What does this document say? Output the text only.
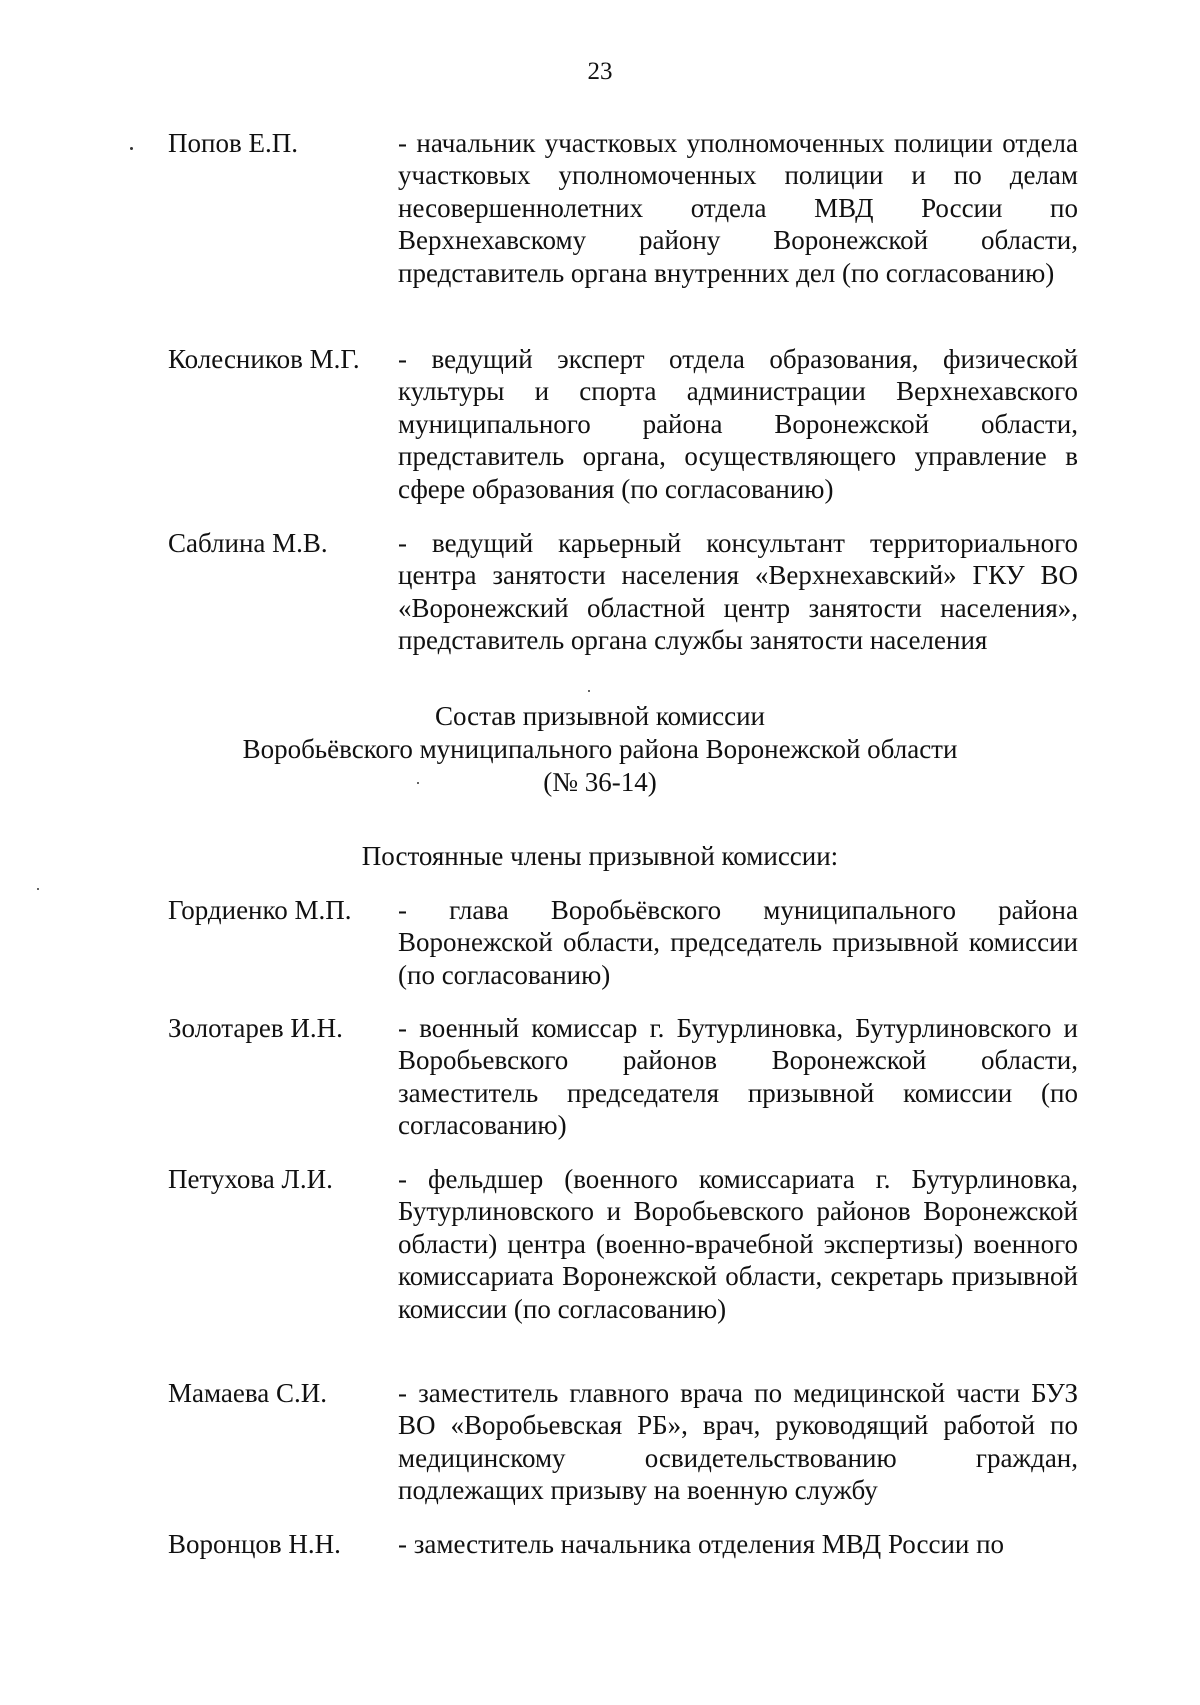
23
Попов Е.П.	- начальник участковых уполномоченных полиции отдела участковых уполномоченных полиции и по делам несовершеннолетних отдела МВД России по Верхнехавскому району Воронежской области, представитель органа внутренних дел (по согласованию)
Колесников М.Г. - ведущий эксперт отдела образования, физической культуры и спорта администрации Верхнехавского муниципального района Воронежской области, представитель органа, осуществляющего управление в сфере образования (по согласованию)
Саблина М.В.	- ведущий карьерный консультант территориального центра занятости населения «Верхнехавский» ГКУ ВО «Воронежский областной центр занятости населения», представитель органа службы занятости населения
Состав призывной комиссии
Воробьёвского муниципального района Воронежской области
(№ 36-14)
Постоянные члены призывной комиссии:
Гордиенко М.П. - глава Воробьёвского муниципального района Воронежской области, председатель призывной комиссии (по согласованию)
Золотарев И.Н. - военный комиссар г. Бутурлиновка, Бутурлиновского и Воробьевского районов Воронежской области, заместитель председателя призывной комиссии (по согласованию)
Петухова Л.И. - фельдшер (военного комиссариата г. Бутурлиновка, Бутурлиновского и Воробьевского районов Воронежской области) центра (военно-врачебной экспертизы) военного комиссариата Воронежской области, секретарь призывной комиссии (по согласованию)
Мамаева С.И.	- заместитель главного врача по медицинской части БУЗ ВО «Воробьевская РБ», врач, руководящий работой по медицинскому освидетельствованию граждан, подлежащих призыву на военную службу
Воронцов Н.Н. - заместитель начальника отделения МВД России по
